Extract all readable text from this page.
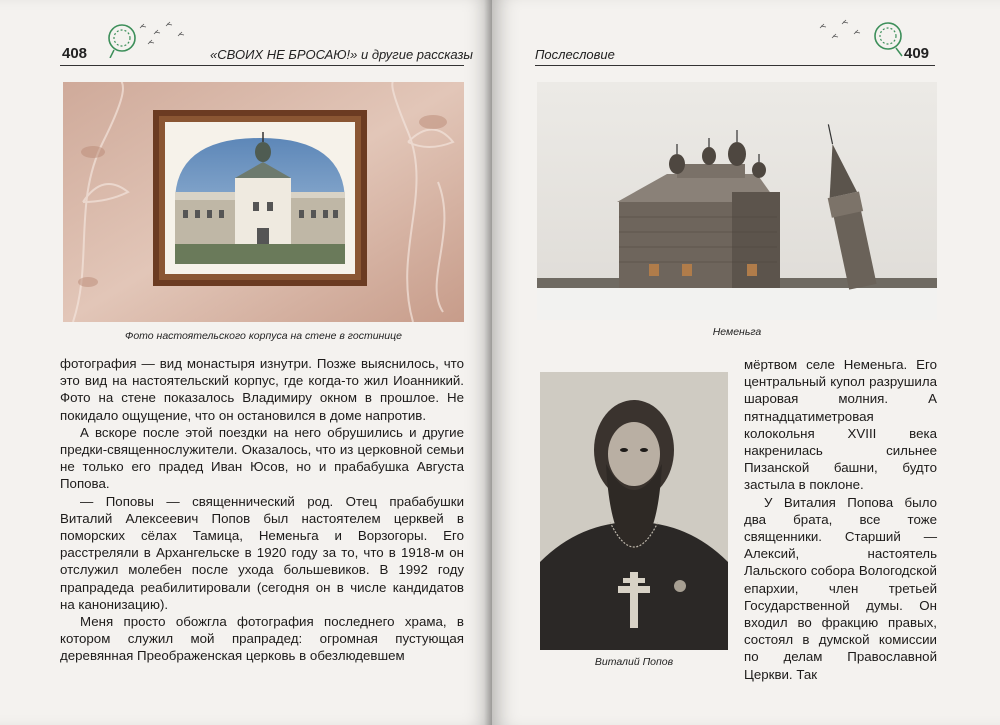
408	«СВОИХ НЕ БРОСАЮ!» и другие рассказы
Фото настоятельского корпуса на стене в гостинице

фотография — вид монастыря изнутри. Позже выяснилось, что это вид на настоятельский корпус, где когда-то жил Иоанникий. Фото на стене показалось Владимиру окном в прошлое. Не покидало ощущение, что он остановился в доме напротив.

А вскоре после этой поездки на него обрушились и другие предки-священнослужители. Оказалось, что из церковной семьи не только его прадед Иван Юсов, но и прабабушка Августа Попова.

— Поповы — священнический род. Отец прабабушки Виталий Алексеевич Попов был настоятелем церквей в поморских сёлах Тамица, Неменьга и Ворзогоры. Его расстреляли в Архангельске в 1920 году за то, что в 1918-м он отслужил молебен после ухода большевиков. В 1992 году прапрадеда реабилитировали (сегодня он в числе кандидатов на канонизацию).

Меня просто обожгла фотография последнего храма, в котором служил мой прапрадед: огромная пустующая деревянная Преображенская церковь в обезлюдевшем

Послесловие	409
Неменьга
Виталий Попов

мёртвом селе Неменьга. Его центральный купол разрушила шаровая молния. А пятнадцатиметровая колокольня XVIII века накренилась сильнее Пизанской башни, будто застыла в поклоне.

У Виталия Попова было два брата, все тоже священники. Старший — Алексий, настоятель Лальского собора Вологодской епархии, член третьей Государственной думы. Он входил во фракцию правых, состоял в думской комиссии по делам Православной Церкви. Так
